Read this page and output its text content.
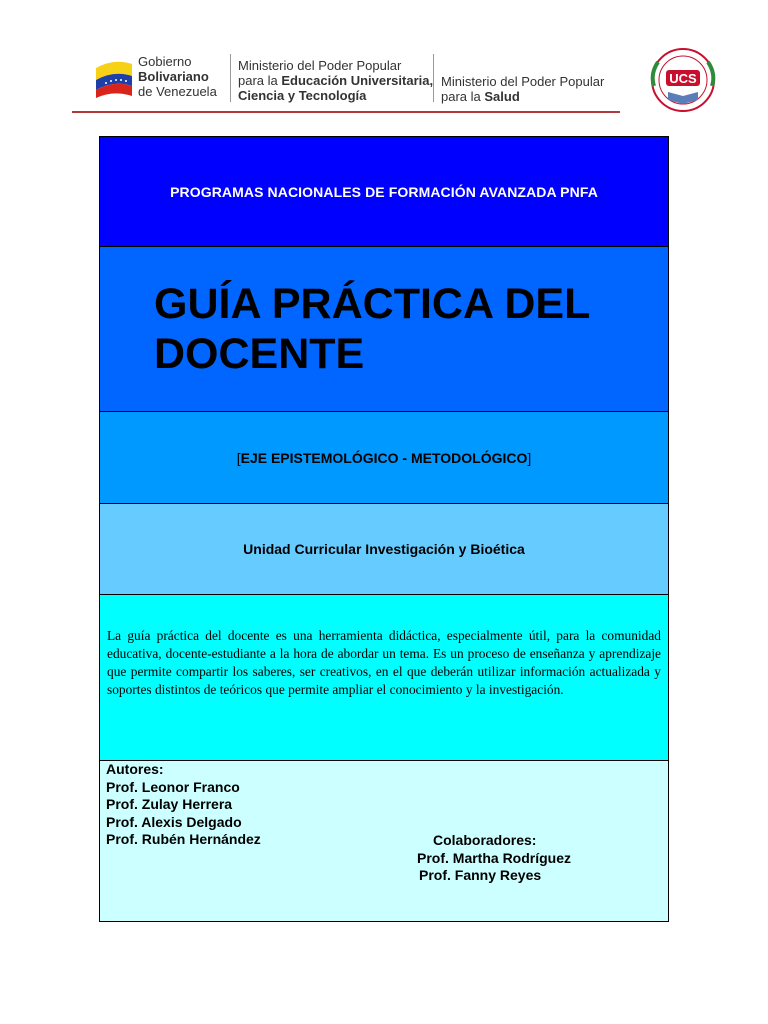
Gobierno
Bolivariano
de Venezuela
Ministerio del Poder Popular
para la Educación Universitaria,
Ciencia y Tecnología
Ministerio del Poder Popular
para la Salud
UCS
PROGRAMAS NACIONALES DE FORMACIÓN AVANZADA PNFA
GUÍA PRÁCTICA DEL
DOCENTE
[ EJE EPISTEMOLÓGICO - METODOLÓGICO ]
Unidad Curricular Investigación y Bioética

La guía práctica del docente es una herramienta didáctica, especialmente útil, para la comunidad educativa, docente-estudiante a la hora de abordar un tema. Es un proceso de enseñanza y aprendizaje que permite compartir los saberes, ser creativos, en el que deberán utilizar información actualizada y soportes distintos de teóricos que permite ampliar el conocimiento y la investigación.

Autores:
Prof. Leonor Franco
Prof. Zulay Herrera
Prof. Alexis Delgado
Prof. Rubén Hernández	Colaboradores:
Prof. Martha Rodríguez
Prof. Fanny Reyes
